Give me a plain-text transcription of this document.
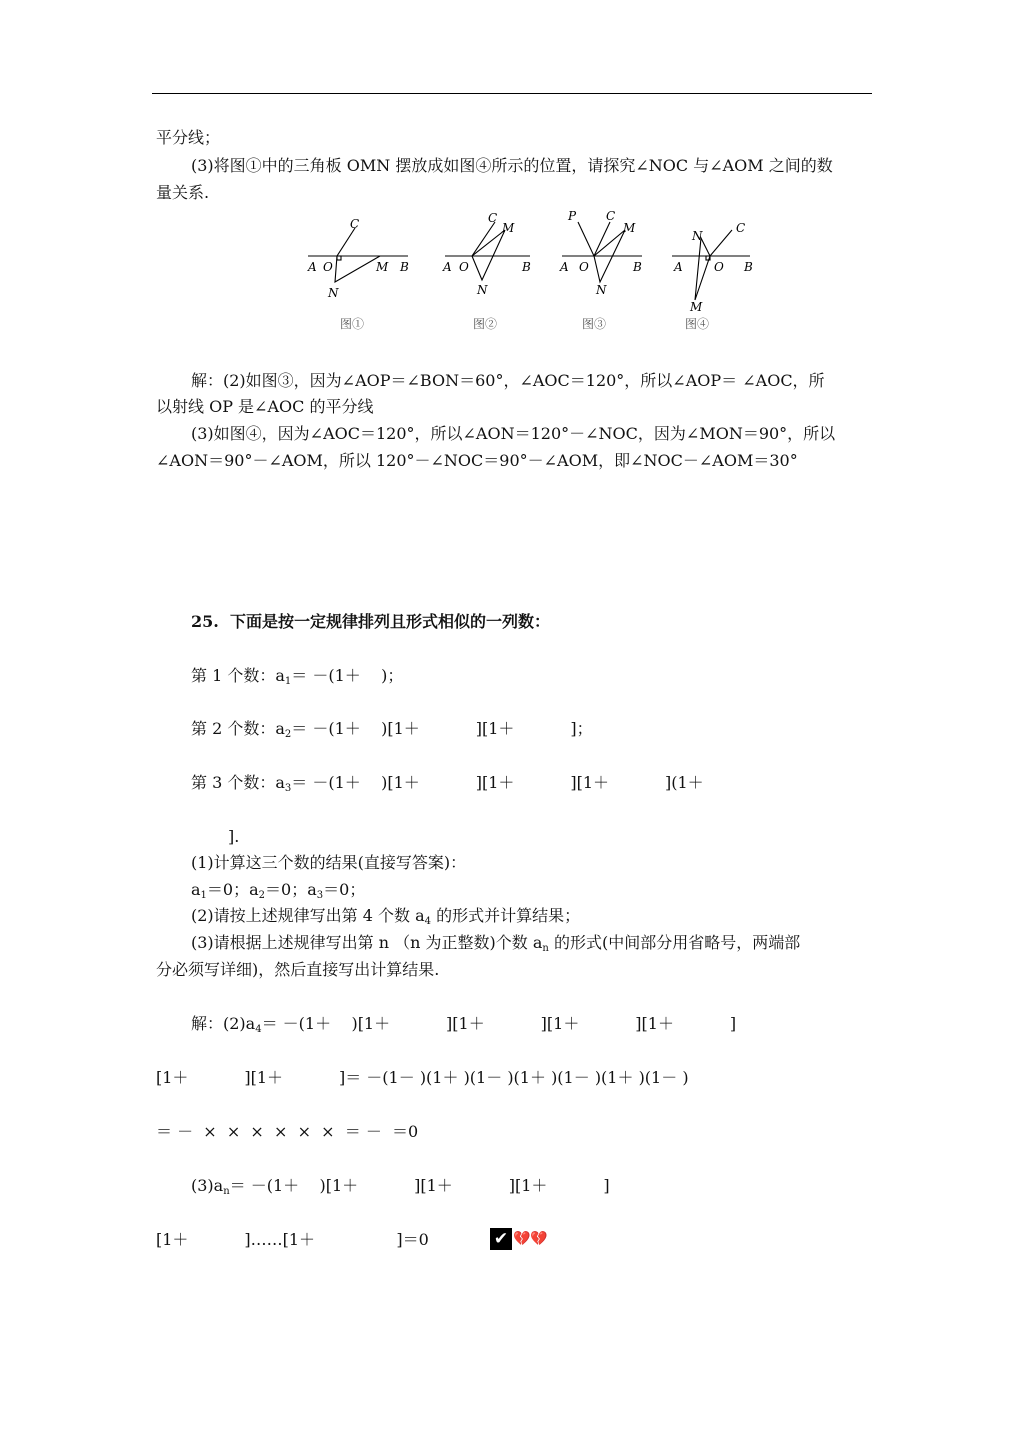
平分线；
(3)将图①中的三角板 OMN 摆放成如图④所示的位置，请探究∠NOC 与∠AOM 之间的数
量关系.
A O
C
M B
N
A O
C
M
B
N
A O
P C
M
B
N
A	O
N
C
B
M
图①	图②	图③	图④
解：(2)如图③，因为∠AOP＝∠BON＝60°，∠AOC＝120°，所以∠AOP＝ ∠AOC，所
以射线 OP 是∠AOC 的平分线
(3)如图④，因为∠AOC＝120°，所以∠AON＝120°－∠NOC，因为∠MON＝90°，所以
∠AON＝90°－∠AOM，所以 120°－∠NOC＝90°－∠AOM，即∠NOC－∠AOM＝30°
25.  下面是按一定规律排列且形式相似的一列数：
第 1 个数：$a_1= -(1+$    )；
第 2 个数：$a_2= -(1+$    )[1＋           ][1＋           ]；
第 3 个数：$a_3= -(1+$    )[1＋           ][1＋           ][1＋           ](1＋
].
(1)计算这三个数的结果(直接写答案)：
$a_1=0$；$a_2=0$；$a_3=0$；
(2)请按上述规律写出第 4 个数 $a_4$ 的形式并计算结果；
(3)请根据上述规律写出第 n （n 为正整数)个数 $a_n$ 的形式(中间部分用省略号，两端部
分必须写详细)，然后直接写出计算结果.
解：$(2)a_4= -(1+$    )[1＋           ][1＋           ][1＋           ][1＋           ]
[1＋           ][1＋           ]＝ －(1－ )(1＋ )(1－ )(1＋ )(1－ )(1＋ )(1－ )
＝ －  ×  ×  ×  ×  ×  ×  ＝ －  ＝0
$(3)a_n= -(1+$    )[1＋           ][1＋           ][1＋           ]
[1＋           ]……[1＋                ]＝0	✔ 💔💔
